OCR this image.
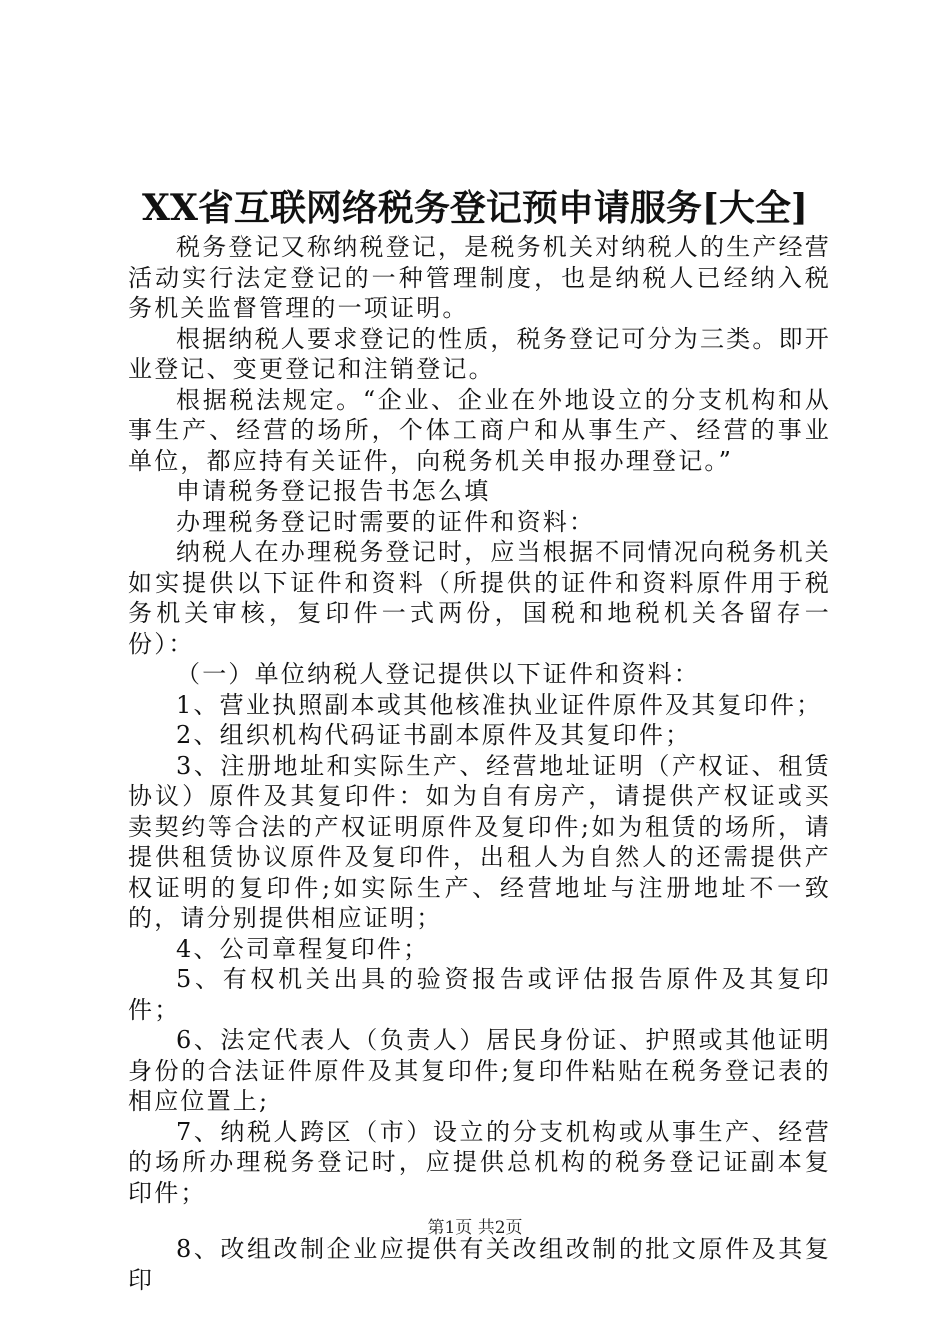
XX省互联网络税务登记预申请服务[大全]

税务登记又称纳税登记，是税务机关对纳税人的生产经营活动实行法定登记的一种管理制度，也是纳税人已经纳入税务机关监督管理的一项证明。

根据纳税人要求登记的性质，税务登记可分为三类。即开业登记、变更登记和注销登记。

根据税法规定。“企业、企业在外地设立的分支机构和从事生产、经营的场所，个体工商户和从事生产、经营的事业单位，都应持有关证件，向税务机关申报办理登记。”

申请税务登记报告书怎么填

办理税务登记时需要的证件和资料：

纳税人在办理税务登记时，应当根据不同情况向税务机关如实提供以下证件和资料（所提供的证件和资料原件用于税务机关审核，复印件一式两份，国税和地税机关各留存一份）：

（一）单位纳税人登记提供以下证件和资料：

1、营业执照副本或其他核准执业证件原件及其复印件；

2、组织机构代码证书副本原件及其复印件；

3、注册地址和实际生产、经营地址证明（产权证、租赁协议）原件及其复印件：如为自有房产，请提供产权证或买卖契约等合法的产权证明原件及复印件;如为租赁的场所，请提供租赁协议原件及复印件，出租人为自然人的还需提供产权证明的复印件;如实际生产、经营地址与注册地址不一致的，请分别提供相应证明；

4、公司章程复印件；

5、有权机关出具的验资报告或评估报告原件及其复印件；

6、法定代表人（负责人）居民身份证、护照或其他证明身份的合法证件原件及其复印件;复印件粘贴在税务登记表的相应位置上;

7、纳税人跨区（市）设立的分支机构或从事生产、经营的场所办理税务登记时，应提供总机构的税务登记证副本复印件；

8、改组改制企业应提供有关改组改制的批文原件及其复印

第1页 共2页
